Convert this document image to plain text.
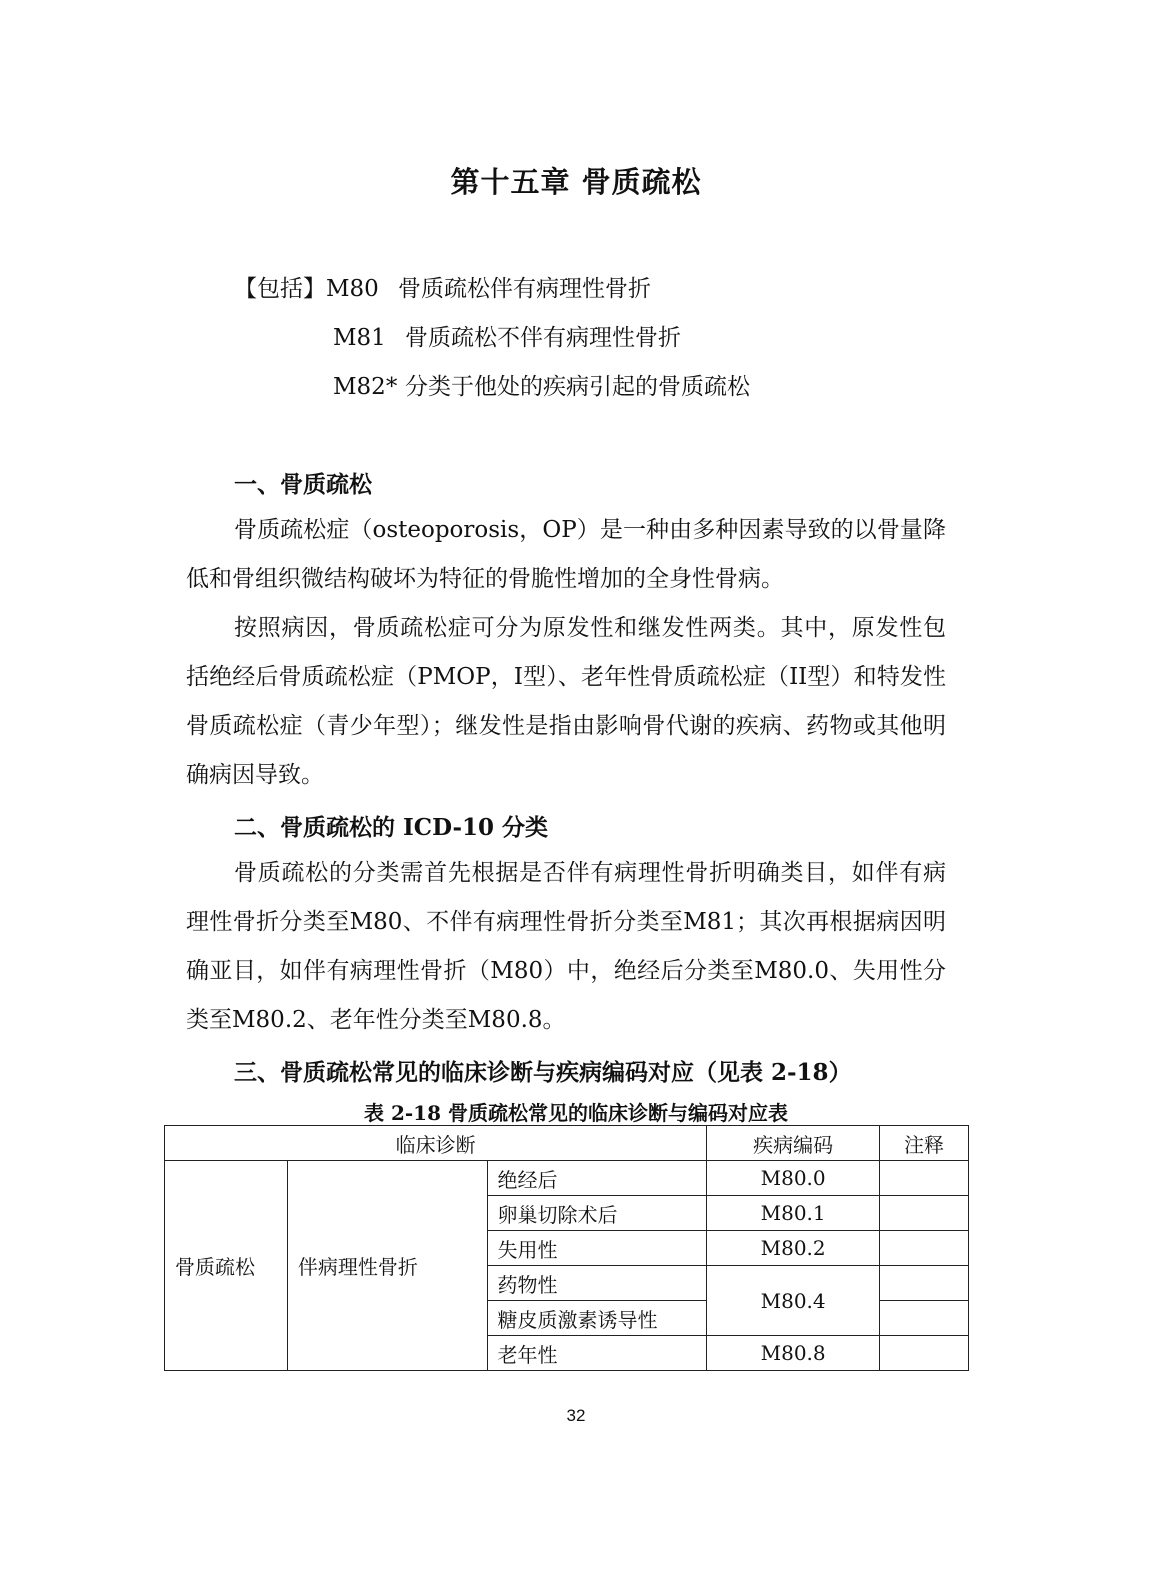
第十五章 骨质疏松
【包括】M80 骨质疏松伴有病理性骨折
M81 骨质疏松不伴有病理性骨折
M82* 分类于他处的疾病引起的骨质疏松
一、骨质疏松
骨质疏松症（osteoporosis，OP）是一种由多种因素导致的以骨量降低和骨组织微结构破坏为特征的骨脆性增加的全身性骨病。
按照病因，骨质疏松症可分为原发性和继发性两类。其中，原发性包括绝经后骨质疏松症（PMOP，I型）、老年性骨质疏松症（II型）和特发性骨质疏松症（青少年型）；继发性是指由影响骨代谢的疾病、药物或其他明确病因导致。
二、骨质疏松的 ICD-10 分类
骨质疏松的分类需首先根据是否伴有病理性骨折明确类目，如伴有病理性骨折分类至M80、不伴有病理性骨折分类至M81；其次再根据病因明确亚目，如伴有病理性骨折（M80）中，绝经后分类至M80.0、失用性分类至M80.2、老年性分类至M80.8。
三、骨质疏松常见的临床诊断与疾病编码对应（见表 2-18）
表 2-18 骨质疏松常见的临床诊断与编码对应表
临床诊断			疾病编码	注释
骨质疏松	伴病理性骨折	绝经后	M80.0	
		卵巢切除术后	M80.1	
		失用性	M80.2	
		药物性	M80.4	
		糖皮质激素诱导性		
		老年性	M80.8	
32
